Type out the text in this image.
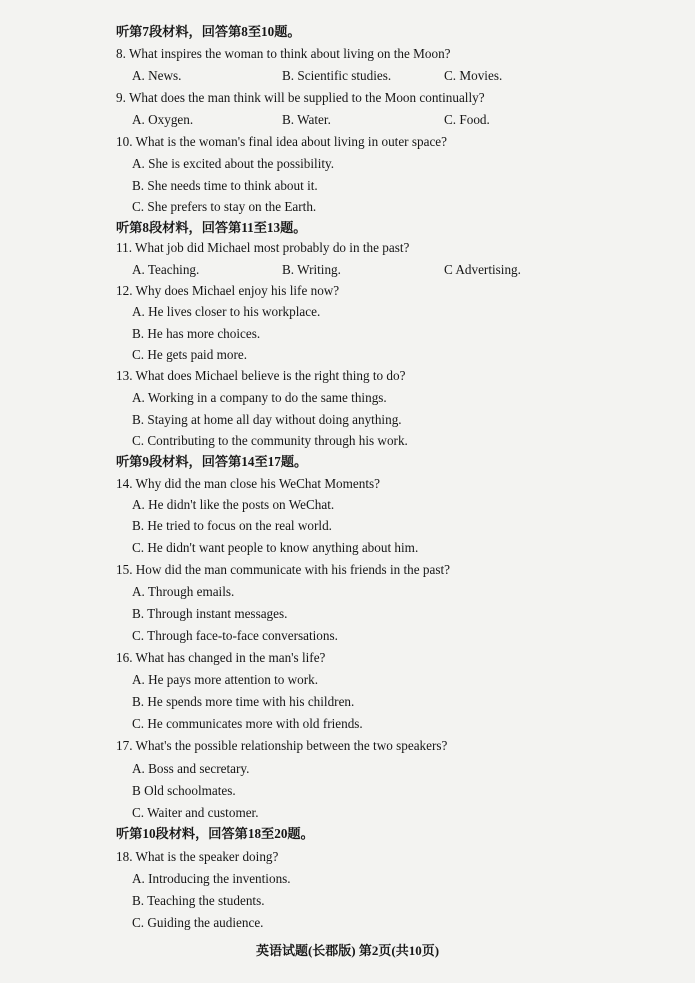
听第7段材料，回答第8至10题。
8. What inspires the woman to think about living on the Moon?
A. News.	B. Scientific studies.	C. Movies.
9. What does the man think will be supplied to the Moon continually?
A. Oxygen.	B. Water.	C. Food.
10. What is the woman's final idea about living in outer space?
A. She is excited about the possibility.
B. She needs time to think about it.
C. She prefers to stay on the Earth.
听第8段材料，回答第11至13题。
11. What job did Michael most probably do in the past?
A. Teaching.	B. Writing.	C Advertising.
12. Why does Michael enjoy his life now?
A. He lives closer to his workplace.
B. He has more choices.
C. He gets paid more.
13. What does Michael believe is the right thing to do?
A. Working in a company to do the same things.
B. Staying at home all day without doing anything.
C. Contributing to the community through his work.
听第9段材料，回答第14至17题。
14. Why did the man close his WeChat Moments?
A. He didn't like the posts on WeChat.
B. He tried to focus on the real world.
C. He didn't want people to know anything about him.
15. How did the man communicate with his friends in the past?
A. Through emails.
B. Through instant messages.
C. Through face-to-face conversations.
16. What has changed in the man's life?
A. He pays more attention to work.
B. He spends more time with his children.
C. He communicates more with old friends.
17. What's the possible relationship between the two speakers?
A. Boss and secretary.
B Old schoolmates.
C. Waiter and customer.
听第10段材料，回答第18至20题。
18. What is the speaker doing?
A. Introducing the inventions.
B. Teaching the students.
C. Guiding the audience.
英语试题(长郡版) 第2页(共10页)
